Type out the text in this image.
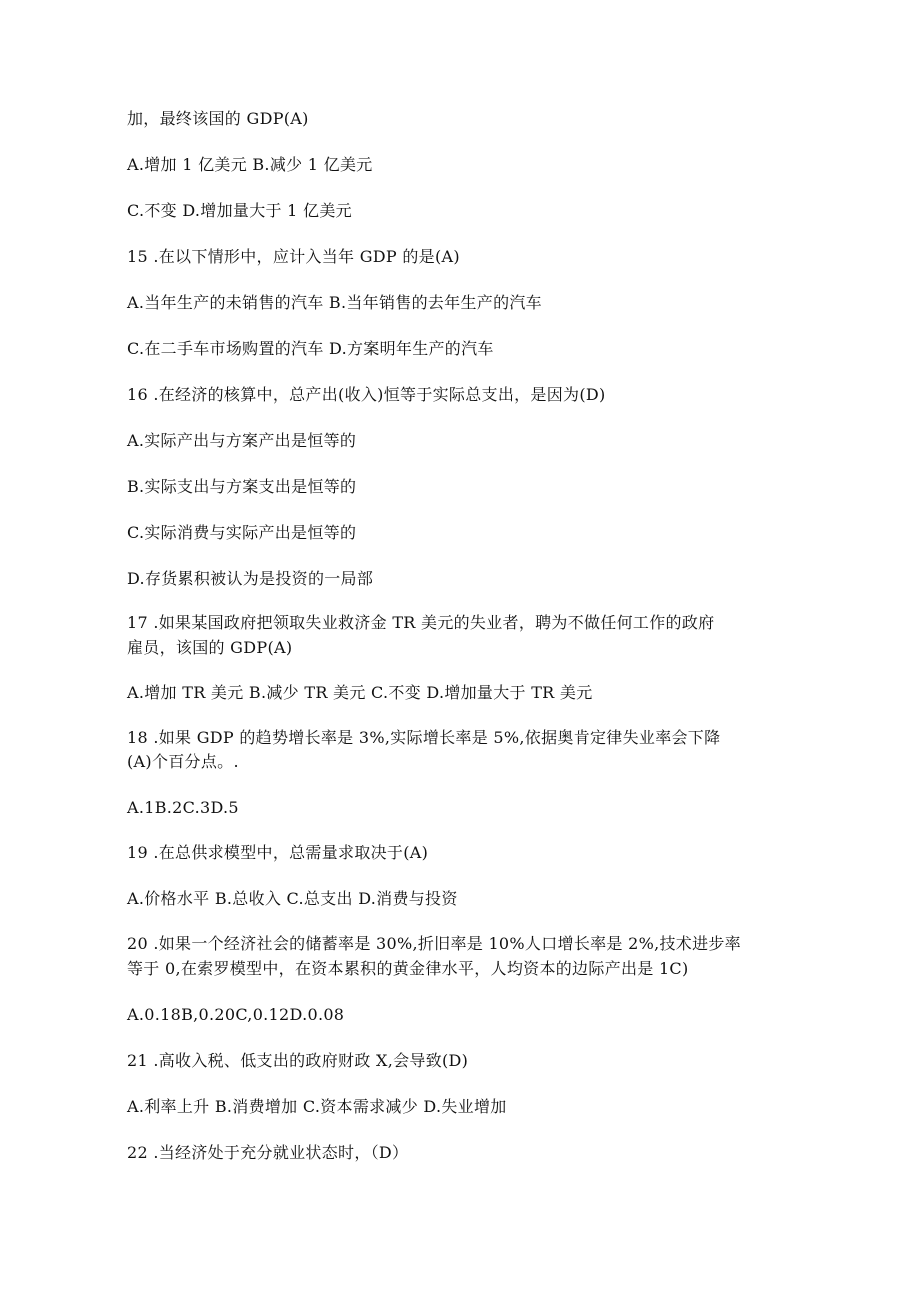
加，最终该国的 GDP(A)
A.增加 1 亿美元 B.减少 1 亿美元
C.不变 D.增加量大于 1 亿美元
15 .在以下情形中，应计入当年 GDP 的是(A)
A.当年生产的未销售的汽车 B.当年销售的去年生产的汽车
C.在二手车市场购置的汽车 D.方案明年生产的汽车
16 .在经济的核算中，总产出(收入)恒等于实际总支出，是因为(D)
A.实际产出与方案产出是恒等的
B.实际支出与方案支出是恒等的
C.实际消费与实际产出是恒等的
D.存货累积被认为是投资的一局部
17 .如果某国政府把领取失业救济金 TR 美元的失业者，聘为不做任何工作的政府
雇员，该国的 GDP(A)
A.增加 TR 美元 B.减少 TR 美元 C.不变 D.增加量大于 TR 美元
18 .如果 GDP 的趋势增长率是 3%,实际增长率是 5%,依据奥肯定律失业率会下降
(A)个百分点。.
A.1B.2C.3D.5
19 .在总供求模型中，总需量求取决于(A)
A.价格水平 B.总收入 C.总支出 D.消费与投资
20 .如果一个经济社会的储蓄率是 30%,折旧率是 10%人口增长率是 2%,技术进步率
等于 0,在索罗模型中，在资本累积的黄金律水平，人均资本的边际产出是 1C)
A.0.18B,0.20C,0.12D.0.08
21 .高收入税、低支出的政府财政 X,会导致(D)
A.利率上升 B.消费增加 C.资本需求减少 D.失业增加
22 .当经济处于充分就业状态时，（D）
